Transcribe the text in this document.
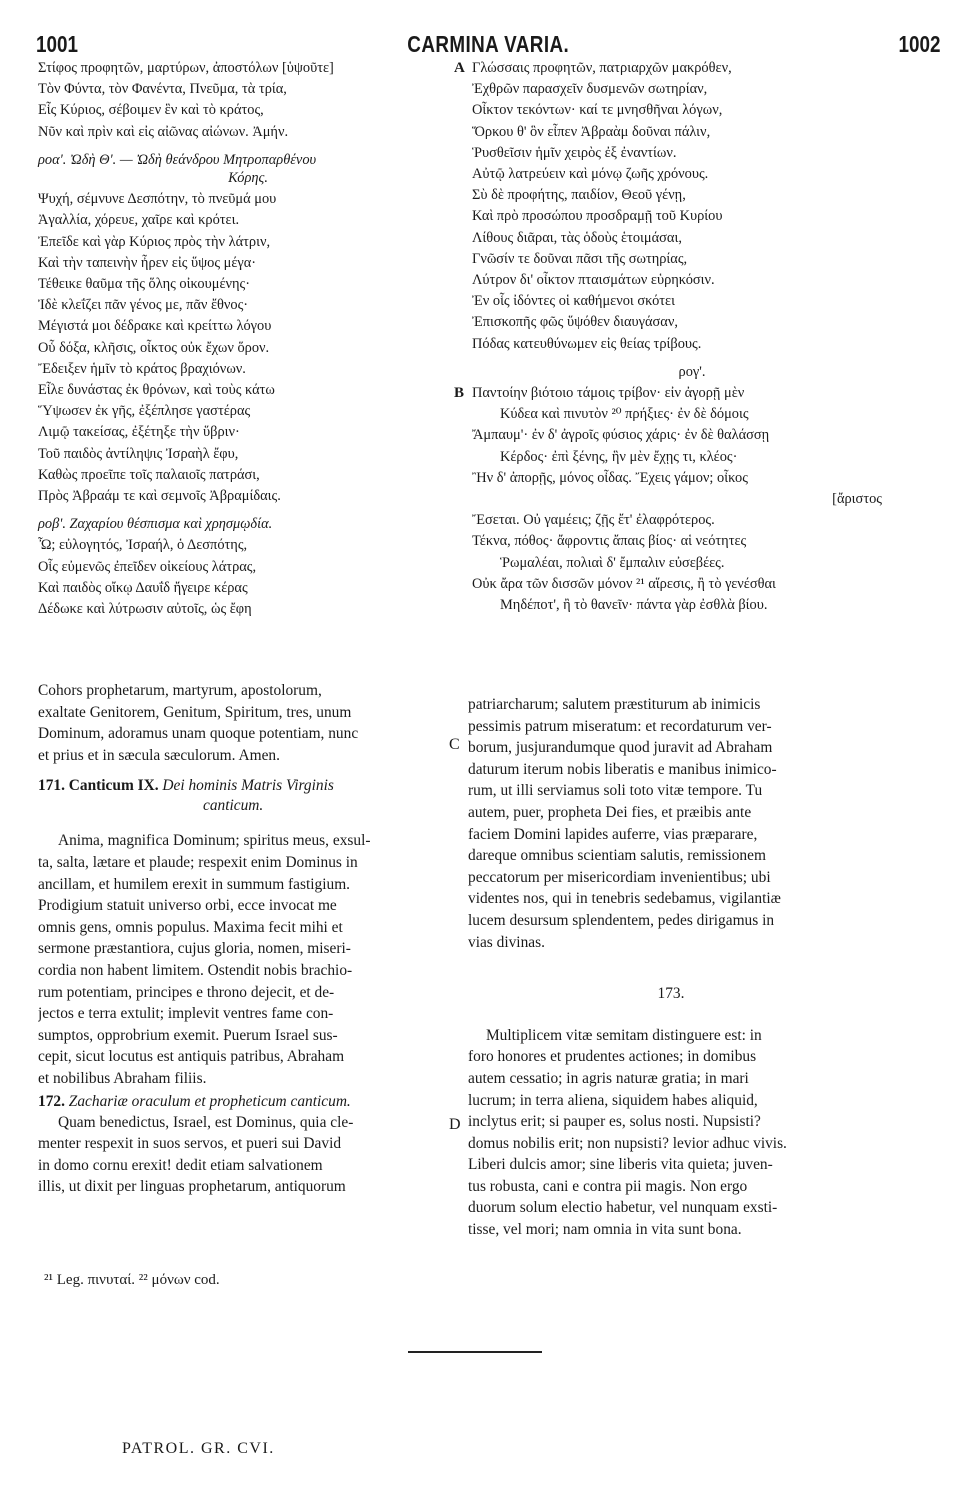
1001	CARMINA VARIA.	1002
Στίφος προφητῶν, μαρτύρων, ἀποστόλων [ὑψοῦτε]
Τὸν Φύντα, τὸν Φανέντα, Πνεῦμα, τὰ τρία,
Εἷς Κύριος, σέβοιμεν ἓν καὶ τὸ κράτος,
Νῦν καὶ πρὶν καὶ εἰς αἰῶνας αἰώνων. Ἀμήν.
ροα'. Ὠδὴ Θ'. — Ὠδὴ θεάνδρου Μητροπαρθένου
Κόρης.
Ψυχή, σέμνυνε Δεσπότην, τὸ πνεῦμά μου
Ἀγαλλία, χόρευε, χαῖρε καὶ κρότει.
Ἐπεῖδε καὶ γὰρ Κύριος πρὸς τὴν λάτριν,
Καὶ τὴν ταπεινὴν ἦρεν εἰς ὕψος μέγα·
Τέθεικε θαῦμα τῆς ὅλης οἰκουμένης·
Ἰδὲ κλεΐζει πᾶν γένος με, πᾶν ἔθνος·
Μέγιστά μοι δέδρακε καὶ κρείττω λόγου
Οὗ δόξα, κλῆσις, οἶκτος οὐκ ἔχων ὅρον.
Ἔδειξεν ἡμῖν τὸ κράτος βραχιόνων.
Εἷλε δυνάστας ἐκ θρόνων, καὶ τοὺς κάτω
Ὕψωσεν ἐκ γῆς, ἐξέπλησε γαστέρας
Λιμῷ τακείσας, ἐξέτηξε τὴν ὕβριν·
Τοῦ παιδὸς ἀντίληψις Ἰσραὴλ ἔφυ,
Καθὼς προεῖπε τοῖς παλαιοῖς πατράσι,
Πρὸς Ἀβραάμ τε καὶ σεμνοῖς Ἀβραμίδαις.
ροβ'. Ζαχαρίου θέσπισμα καὶ χρησμῳδία.
Ὦ; εὐλογητός, Ἰσραήλ, ὁ Δεσπότης,
Οἷς εὐμενῶς ἐπεῖδεν οἰκείους λάτρας,
Καὶ παιδὸς οἴκῳ Δαυΐδ ἤγειρε κέρας
Δέδωκε καὶ λύτρωσιν αὐτοῖς, ὡς ἔφη
A Γλώσσαις προφητῶν, πατριαρχῶν μακρόθεν,
Ἐχθρῶν παρασχεῖν δυσμενῶν σωτηρίαν,
Οἶκτον τεκόντων· καί τε μνησθῆναι λόγων,
Ὅρκου θ' ὃν εἶπεν Ἀβραὰμ δοῦναι πάλιν,
Ῥυσθεῖσιν ἡμῖν χειρὸς ἐξ ἐναντίων.
Αὐτῷ λατρεύειν καὶ μόνῳ ζωῆς χρόνους.
Σὺ δὲ προφήτης, παιδίον, Θεοῦ γένῃ,
Καὶ πρὸ προσώπου προσδραμῇ τοῦ Κυρίου
Λίθους διᾶραι, τὰς ὁδοὺς ἑτοιμάσαι,
Γνῶσίν τε δοῦναι πᾶσι τῆς σωτηρίας,
Λύτρον δι' οἶκτον πταισμάτων εὑρηκόσιν.
Ἐν οἷς ἰδόντες οἱ καθήμενοι σκότει
Ἐπισκοπῆς φῶς ὕψόθεν διαυγάσαν,
Πόδας κατευθύνωμεν εἰς θείας τρίβους.
ρογ'.
B Παντοίην βιότοιο τάμοις τρίβον· εἰν ἀγορῇ μὲν
Κύδεα καὶ πινυτὸν ²⁰ πρήξιες· ἐν δὲ δόμοις
Ἄμπαυμ'· ἐν δ' ἀγροῖς φύσιος χάρις· ἐν δὲ θαλάσσῃ
Κέρδος· ἐπὶ ξένης, ἣν μὲν ἔχῃς τι, κλέος·
Ἢν δ' ἀπορῇς, μόνος οἶδας. Ἔχεις γάμον; οἶκος
[ἄριστος
Ἔσεται. Οὐ γαμέεις; ζῇς ἔτ' ἐλαφρότερος.
Τέκνα, πόθος· ἄφροντις ἄπαις βίος· αἱ νεότητες
Ῥωμαλέαι, πολιαὶ δ' ἔμπαλιν εὐσεβέες.
Οὐκ ἄρα τῶν δισσῶν μόνον ²¹ αἵρεσις, ἢ τὸ γενέσθαι
Μηδέποτ', ἢ τὸ θανεῖν· πάντα γὰρ ἐσθλὰ βίου.
Cohors prophetarum, martyrum, apostolorum,
exaltate Genitorem, Genitum, Spiritum, tres, unum
Dominum, adoramus unam quoque potentiam, nunc
et prius et in sæcula sæculorum. Amen.
171. Canticum IX. Dei hominis Matris Virginis
canticum.
Anima, magnifica Dominum; spiritus meus, exsul-
ta, salta, lætare et plaude; respexit enim Dominus in
ancillam, et humilem erexit in summum fastigium.
Prodigium statuit universo orbi, ecce invocat me
omnis gens, omnis populus. Maxima fecit mihi et
sermone præstantiora, cujus gloria, nomen, miseri-
cordia non habent limitem. Ostendit nobis brachio-
rum potentiam, principes e throno dejecit, et de-
jectos e terra extulit; implevit ventres fame con-
sumptos, opprobrium exemit. Puerum Israel sus-
cepit, sicut locutus est antiquis patribus, Abraham
et nobilibus Abraham filiis.
172. Zachariæ oraculum et propheticum canticum.
Quam benedictus, Israel, est Dominus, quia cle-
menter respexit in suos servos, et pueri sui David
in domo cornu erexit! dedit etiam salvationem
illis, ut dixit per linguas prophetarum, antiquorum
C
D
patriarcharum; salutem præstiturum ab inimicis
pessimis patrum miseratum: et recordaturum ver-
borum, jusjurandumque quod juravit ad Abraham
daturum iterum nobis liberatis e manibus inimico-
rum, ut illi serviamus soli toto vitæ tempore. Tu
autem, puer, propheta Dei fies, et præibis ante
faciem Domini lapides auferre, vias præparare,
dareque omnibus scientiam salutis, remissionem
peccatorum per misericordiam invenientibus; ubi
videntes nos, qui in tenebris sedebamus, vigilantiæ
lucem desursum splendentem, pedes dirigamus in
vias divinas.
173.
Multiplicem vitæ semitam distinguere est: in
foro honores et prudentes actiones; in domibus
autem cessatio; in agris naturæ gratia; in mari
lucrum; in terra aliena, siquidem habes aliquid,
inclytus erit; si pauper es, solus nosti. Nupsisti?
domus nobilis erit; non nupsisti? levior adhuc vivis.
Liberi dulcis amor; sine liberis vita quieta; juven-
tus robusta, cani e contra pii magis. Non ergo
duorum solum electio habetur, vel nunquam exsti-
tisse, vel mori; nam omnia in vita sunt bona.
²¹ Leg. πινυταί. ²² μόνων cod.
PATROL. GR. CVI.
